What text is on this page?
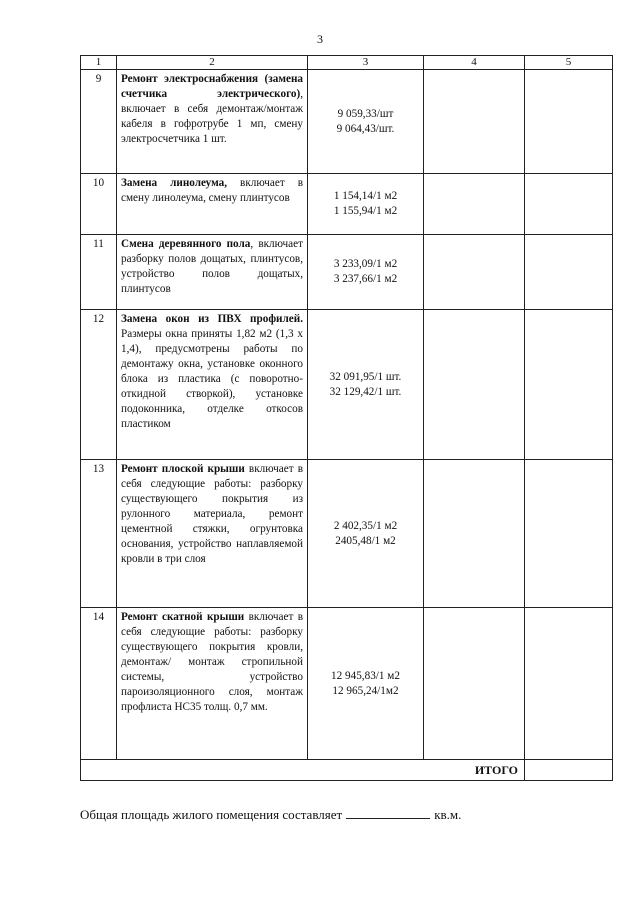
3
1	2	3	4	5
9	Ремонт электроснабжения (замена счетчика электрического), включает в себя демонтаж/монтаж кабеля в гофротрубе 1 мп, смену электросчетчика 1 шт.	9 059,33/шт
9 064,43/шт.		

10	Замена линолеума, включает в смену линолеума, смену плинтусов	1 154,14/1 м2
1 155,94/1 м2		

11	Смена деревянного пола, включает разборку полов дощатых, плинтусов, устройство полов дощатых, плинтусов	3 233,09/1 м2
3 237,66/1 м2		

12	Замена окон из ПВХ профилей. Размеры окна приняты 1,82 м2 (1,3 х 1,4), предусмотрены работы по демонтажу окна, установке оконного блока из пластика (с поворотно-откидной створкой), установке подоконника, отделке откосов пластиком	32 091,95/1 шт.
32 129,42/1 шт.		

13	Ремонт плоской крыши включает в себя следующие работы: разборку существующего покрытия из рулонного материала, ремонт цементной стяжки, огрунтовка основания, устройство наплавляемой кровли в три слоя	2 402,35/1 м2
2405,48/1 м2		

14	Ремонт скатной крыши включает в себя следующие работы: разборку существующего покрытия кровли, демонтаж/ монтаж стропильной системы, устройство пароизоляционного слоя, монтаж профлиста НС35 толщ. 0,7 мм.	12 945,83/1 м2
12 965,24/1м2		

ИТОГО				
Общая площадь жилого помещения составляет	кв.м.
